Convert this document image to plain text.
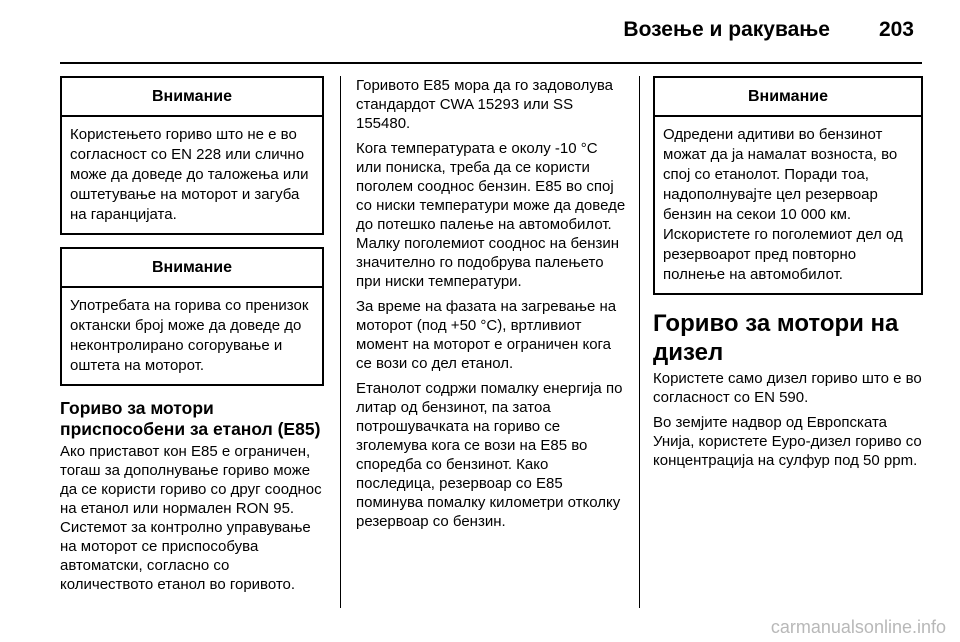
Возење и ракување 203
Внимание
Користењето гориво што не е во согласност со EN 228 или слично може да доведе до таложења или оштетување на моторот и загуба на гаранцијата.
Внимание
Употребата на горива со пренизок октански број може да доведе до неконтролирано согорување и оштета на моторот.
Гориво за мотори приспособени за етанол (E85)

Ако приставот кон E85 е ограничен, тогаш за дополнување гориво може да се користи гориво со друг сооднос на етанол или нормален RON 95. Системот за контролно управување на моторот се приспособува автоматски, согласно со количеството етанол во горивото.

Горивото E85 мора да го задоволува стандардот CWA 15293 или SS 155480.

Кога температурата е околу -10 °C или пониска, треба да се користи поголем сооднос бензин. E85 во спој со ниски температури може да доведе до потешко палење на автомобилот. Малку поголемиот сооднос на бензин значително го подобрува палењето при ниски температури.

За време на фазата на загревање на моторот (под +50 °C), вртливиот момент на моторот е ограничен кога се вози со дел етанол.

Етанолот содржи помалку енергија по литар од бензинот, па затоа потрошувачката на гориво се зголемува кога се вози на E85 во споредба со бензинот. Како последица, резервоар со E85 поминува помалку километри отколку резервоар со бензин.

Внимание
Одредени адитиви во бензинот можат да ја намалат возноста, во спој со етанолот. Поради тоа, надополнувајте цел резервоар бензин на секои 10 000 км. Искористете го поголемиот дел од резервоарот пред повторно полнење на автомобилот.
Гориво за мотори на дизел

Користете само дизел гориво што е во согласност со EN 590.

Во земјите надвор од Европската Унија, користете Еуро-дизел гориво со концентрација на сулфур под 50 ppm.

carmanualsonline.info
